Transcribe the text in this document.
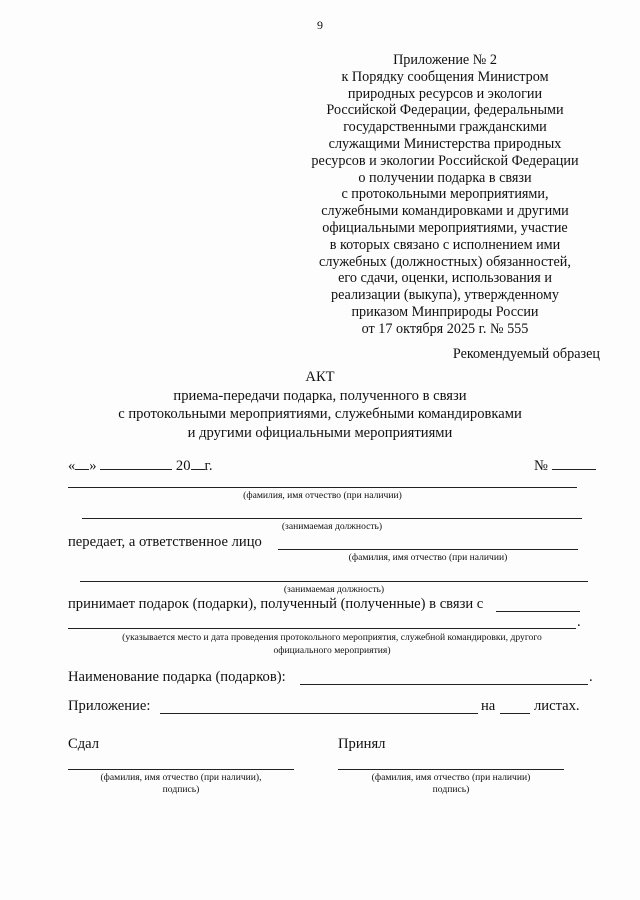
9
Приложение № 2
к Порядку сообщения Министром
природных ресурсов и экологии
Российской Федерации, федеральными
государственными гражданскими
служащими Министерства природных
ресурсов и экологии Российской Федерации
о получении подарка в связи
с протокольными мероприятиями,
служебными командировками и другими
официальными мероприятиями, участие
в которых связано с исполнением ими
служебных (должностных) обязанностей,
его сдачи, оценки, использования и
реализации (выкупа), утвержденному
приказом Минприроды России
от 17 октября 2025 г. № 555
Рекомендуемый образец
АКТ
приема-передачи подарка, полученного в связи
с протокольными мероприятиями, служебными командировками
и другими официальными мероприятиями
« »	20 г.	№
(фамилия, имя отчество (при наличии)
(занимаемая должность)
передает, а ответственное лицо
(фамилия, имя отчество (при наличии)
(занимаемая должность)
принимает подарок (подарки), полученный (полученные) в связи с
.
(указывается место и дата проведения протокольного мероприятия, служебной командировки, другого
официального мероприятия)
Наименование подарка (подарков):	.
Приложение:	на	листах.
Сдал	Принял
(фамилия, имя отчество (при наличии),
подпись)
(фамилия, имя отчество (при наличии)
подпись)
